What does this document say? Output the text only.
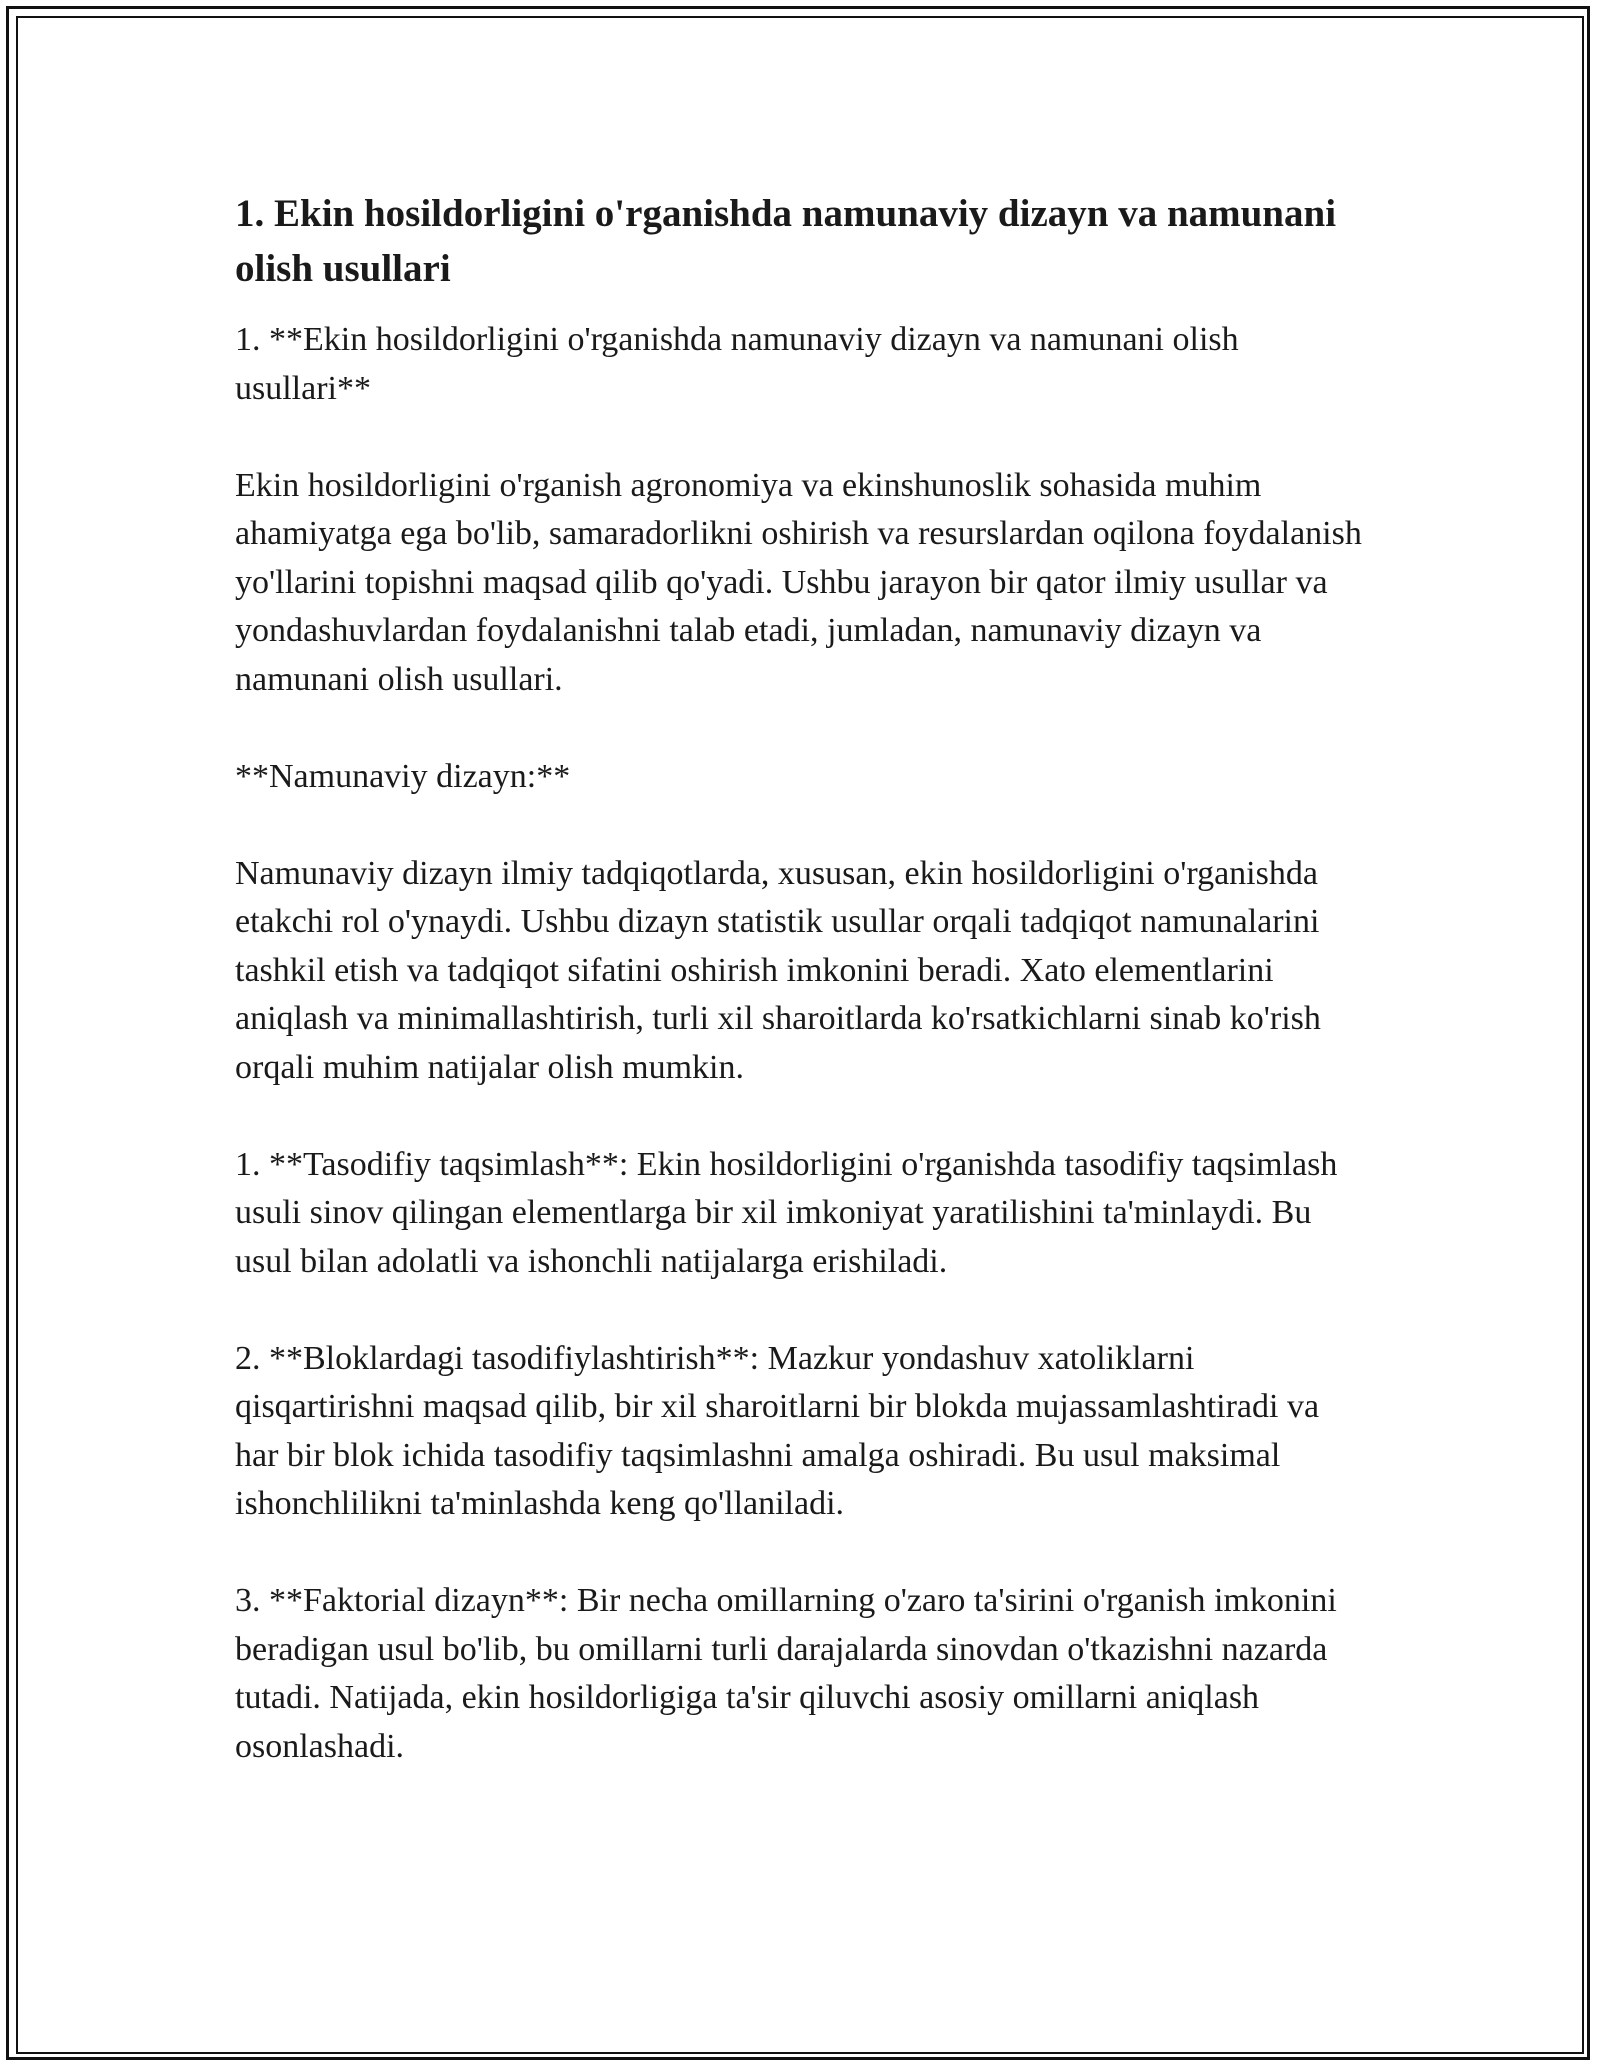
1. Ekin hosildorligini o'rganishda namunaviy dizayn va namunani olish usullari

1. **Ekin hosildorligini o'rganishda namunaviy dizayn va namunani olish usullari**

Ekin hosildorligini o'rganish agronomiya va ekinshunoslik sohasida muhim ahamiyatga ega bo'lib, samaradorlikni oshirish va resurslardan oqilona foydalanish yo'llarini topishni maqsad qilib qo'yadi. Ushbu jarayon bir qator ilmiy usullar va yondashuvlardan foydalanishni talab etadi, jumladan, namunaviy dizayn va namunani olish usullari.

**Namunaviy dizayn:**

Namunaviy dizayn ilmiy tadqiqotlarda, xususan, ekin hosildorligini o'rganishda etakchi rol o'ynaydi. Ushbu dizayn statistik usullar orqali tadqiqot namunalarini tashkil etish va tadqiqot sifatini oshirish imkonini beradi. Xato elementlarini aniqlash va minimallashtirish, turli xil sharoitlarda ko'rsatkichlarni sinab ko'rish orqali muhim natijalar olish mumkin.

1. **Tasodifiy taqsimlash**: Ekin hosildorligini o'rganishda tasodifiy taqsimlash usuli sinov qilingan elementlarga bir xil imkoniyat yaratilishini ta'minlaydi. Bu usul bilan adolatli va ishonchli natijalarga erishiladi.

2. **Bloklardagi tasodifiylashtirish**: Mazkur yondashuv xatoliklarni qisqartirishni maqsad qilib, bir xil sharoitlarni bir blokda mujassamlashtiradi va har bir blok ichida tasodifiy taqsimlashni amalga oshiradi. Bu usul maksimal ishonchlilikni ta'minlashda keng qo'llaniladi.

3. **Faktorial dizayn**: Bir necha omillarning o'zaro ta'sirini o'rganish imkonini beradigan usul bo'lib, bu omillarni turli darajalarda sinovdan o'tkazishni nazarda tutadi. Natijada, ekin hosildorligiga ta'sir qiluvchi asosiy omillarni aniqlash osonlashadi.
